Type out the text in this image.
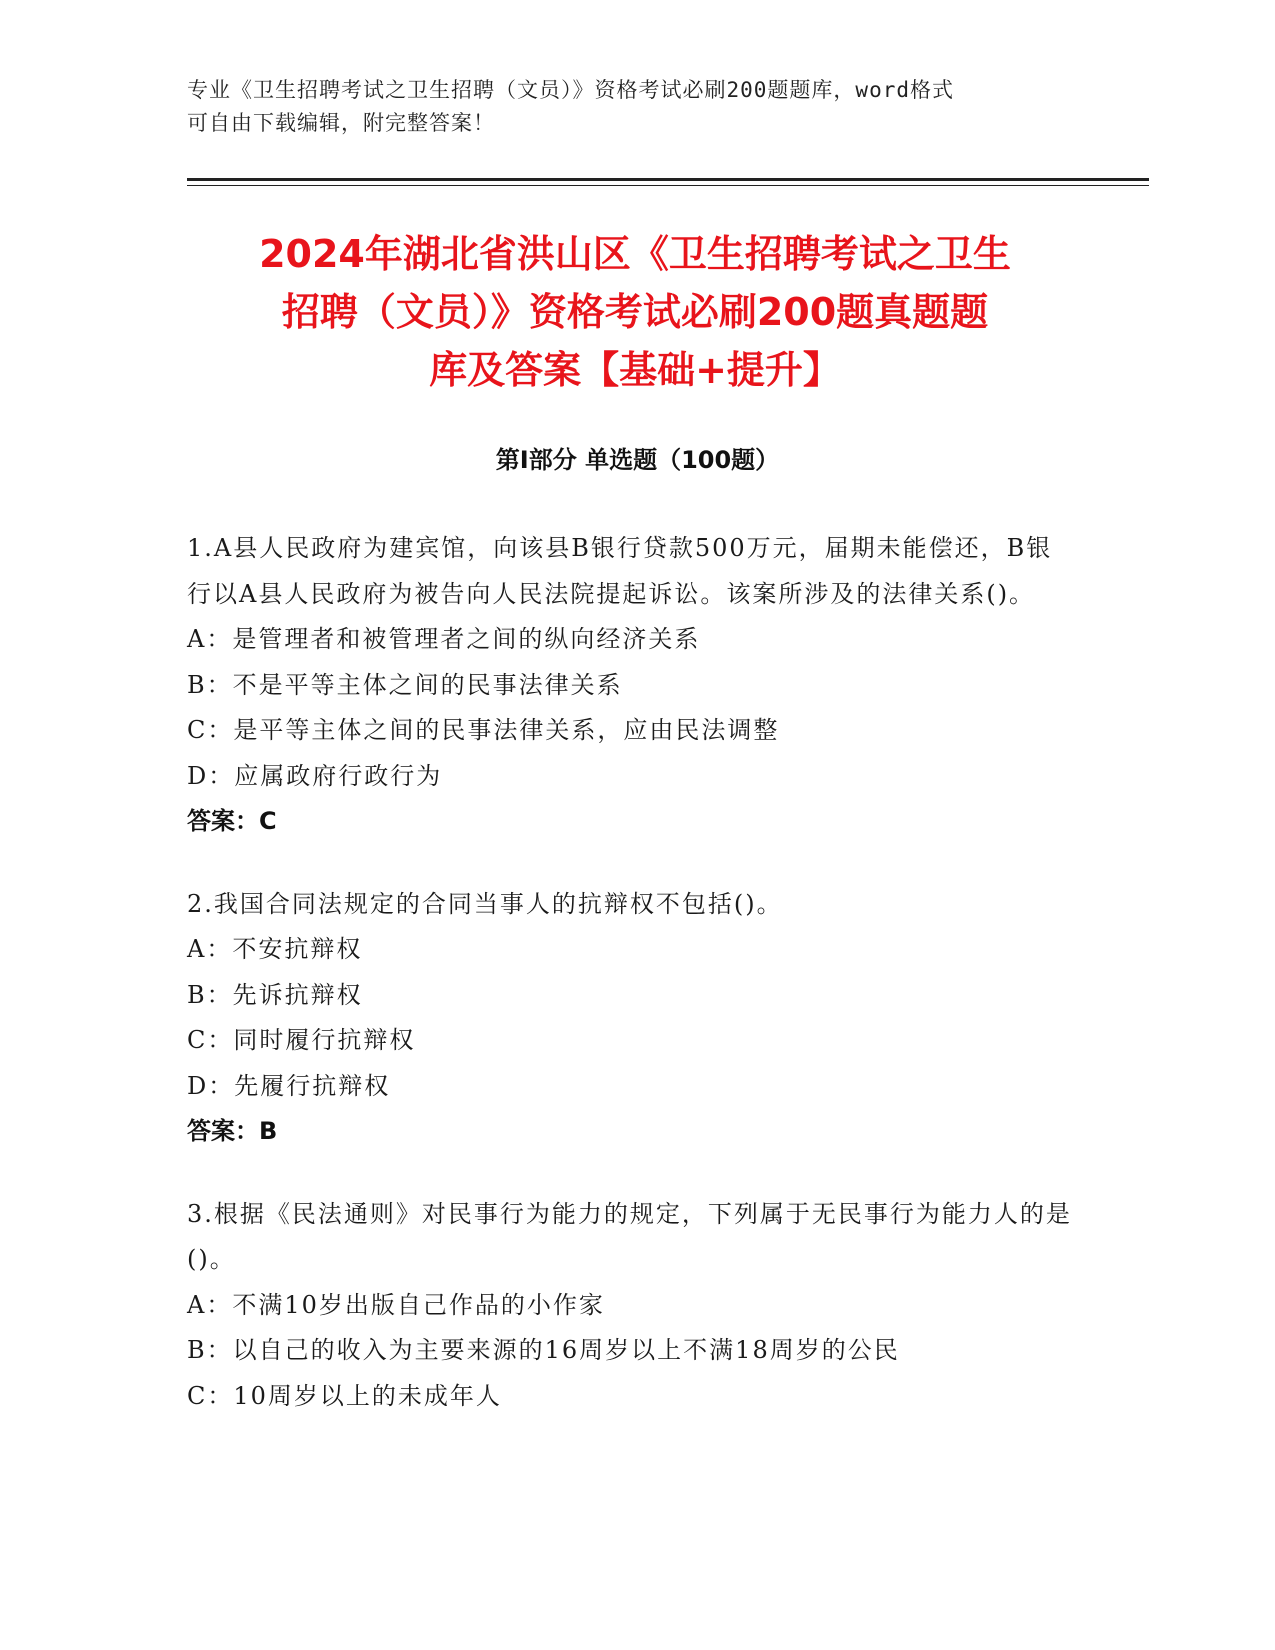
专业《卫生招聘考试之卫生招聘（文员）》资格考试必刷200题题库，word格式
可自由下载编辑，附完整答案！
2024年湖北省洪山区《卫生招聘考试之卫生
招聘（文员）》资格考试必刷200题真题题
库及答案【基础+提升】
第I部分 单选题（100题）
1.A县人民政府为建宾馆，向该县B银行贷款500万元，届期未能偿还，B银行以A县人民政府为被告向人民法院提起诉讼。该案所涉及的法律关系()。
A：是管理者和被管理者之间的纵向经济关系
B：不是平等主体之间的民事法律关系
C：是平等主体之间的民事法律关系，应由民法调整
D：应属政府行政行为
答案：C
2.我国合同法规定的合同当事人的抗辩权不包括()。
A：不安抗辩权
B：先诉抗辩权
C：同时履行抗辩权
D：先履行抗辩权
答案：B
3.根据《民法通则》对民事行为能力的规定，下列属于无民事行为能力人的是()。
A：不满10岁出版自己作品的小作家
B：以自己的收入为主要来源的16周岁以上不满18周岁的公民
C：10周岁以上的未成年人
